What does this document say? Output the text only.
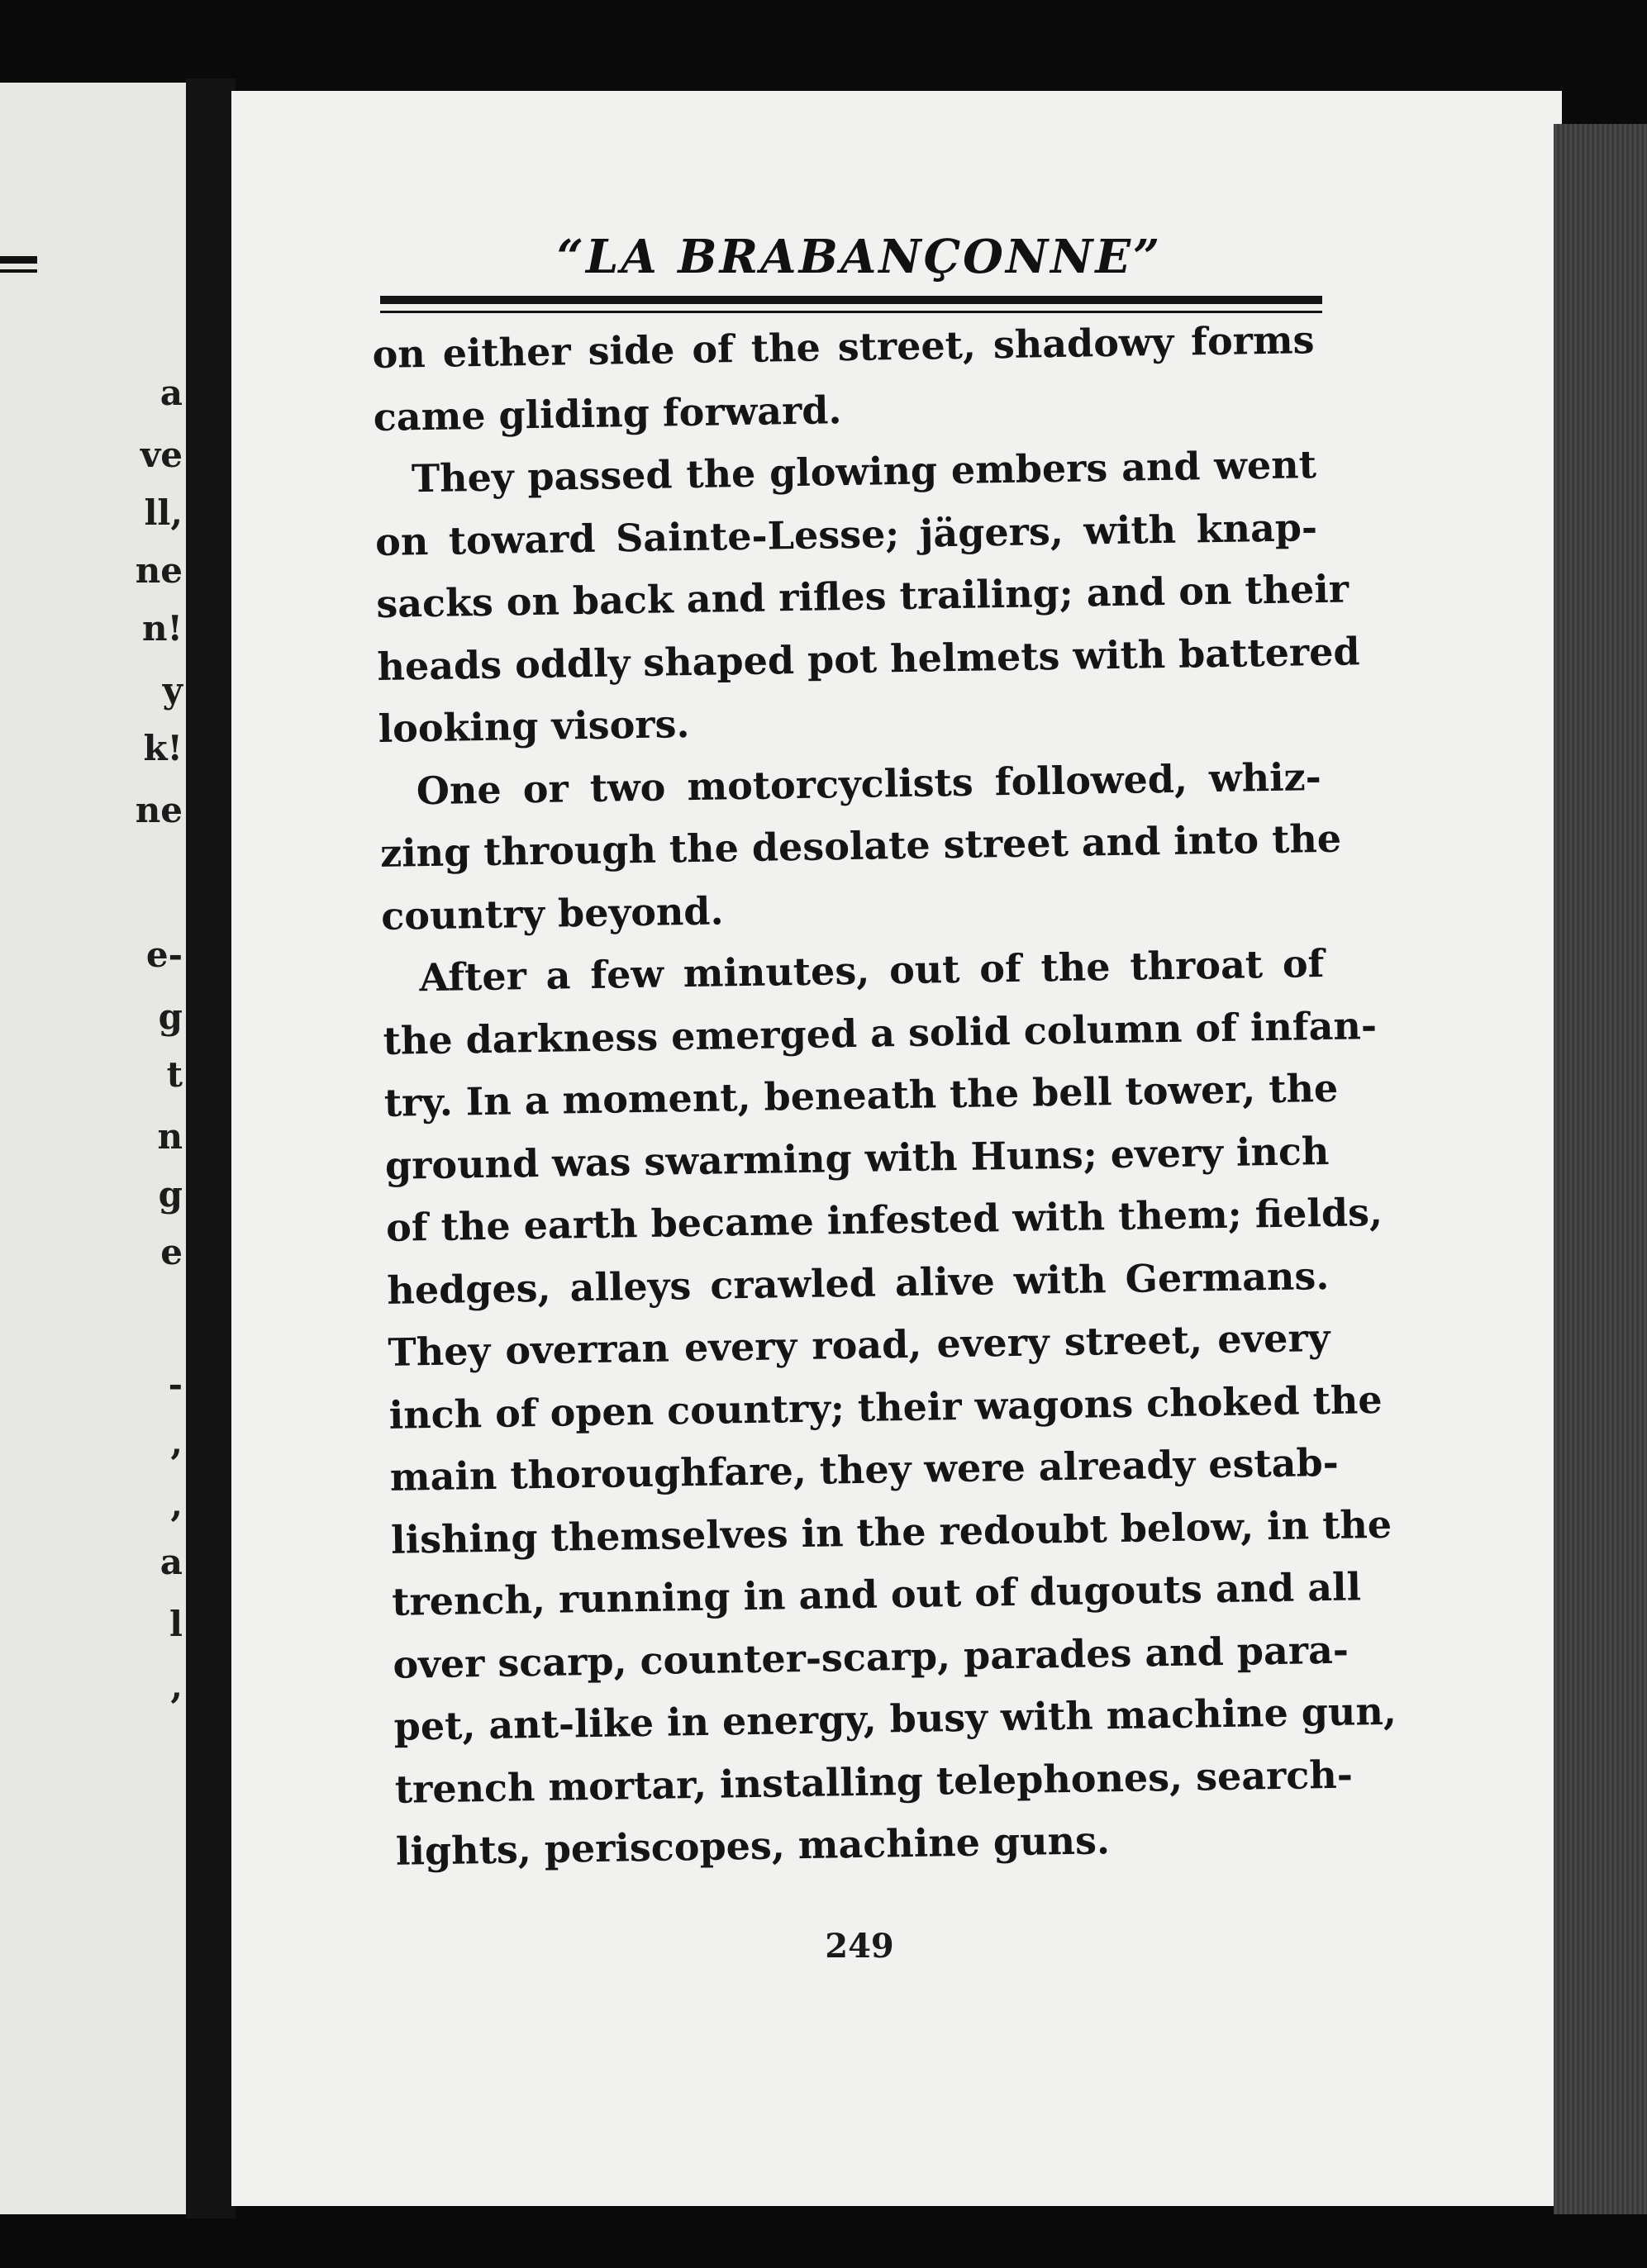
a
ve
ll,
ne
n!
y
k!
ne
e-
g
t
n
g
e
-
,
,
a
l
,
“LA BRABANÇONNE”
on either side of the street, shadowy forms
came gliding forward.
They passed the glowing embers and went
on toward Sainte-Lesse; jägers, with knap-
sacks on back and rifles trailing; and on their
heads oddly shaped pot helmets with battered
looking visors.
One or two motorcyclists followed, whiz-
zing through the desolate street and into the
country beyond.
After a few minutes, out of the throat of
the darkness emerged a solid column of infan-
try. In a moment, beneath the bell tower, the
ground was swarming with Huns; every inch
of the earth became infested with them; fields,
hedges, alleys crawled alive with Germans.
They overran every road, every street, every
inch of open country; their wagons choked the
main thoroughfare, they were already estab-
lishing themselves in the redoubt below, in the
trench, running in and out of dugouts and all
over scarp, counter-scarp, parades and para-
pet, ant-like in energy, busy with machine gun,
trench mortar, installing telephones, search-
lights, periscopes, machine guns.
249
